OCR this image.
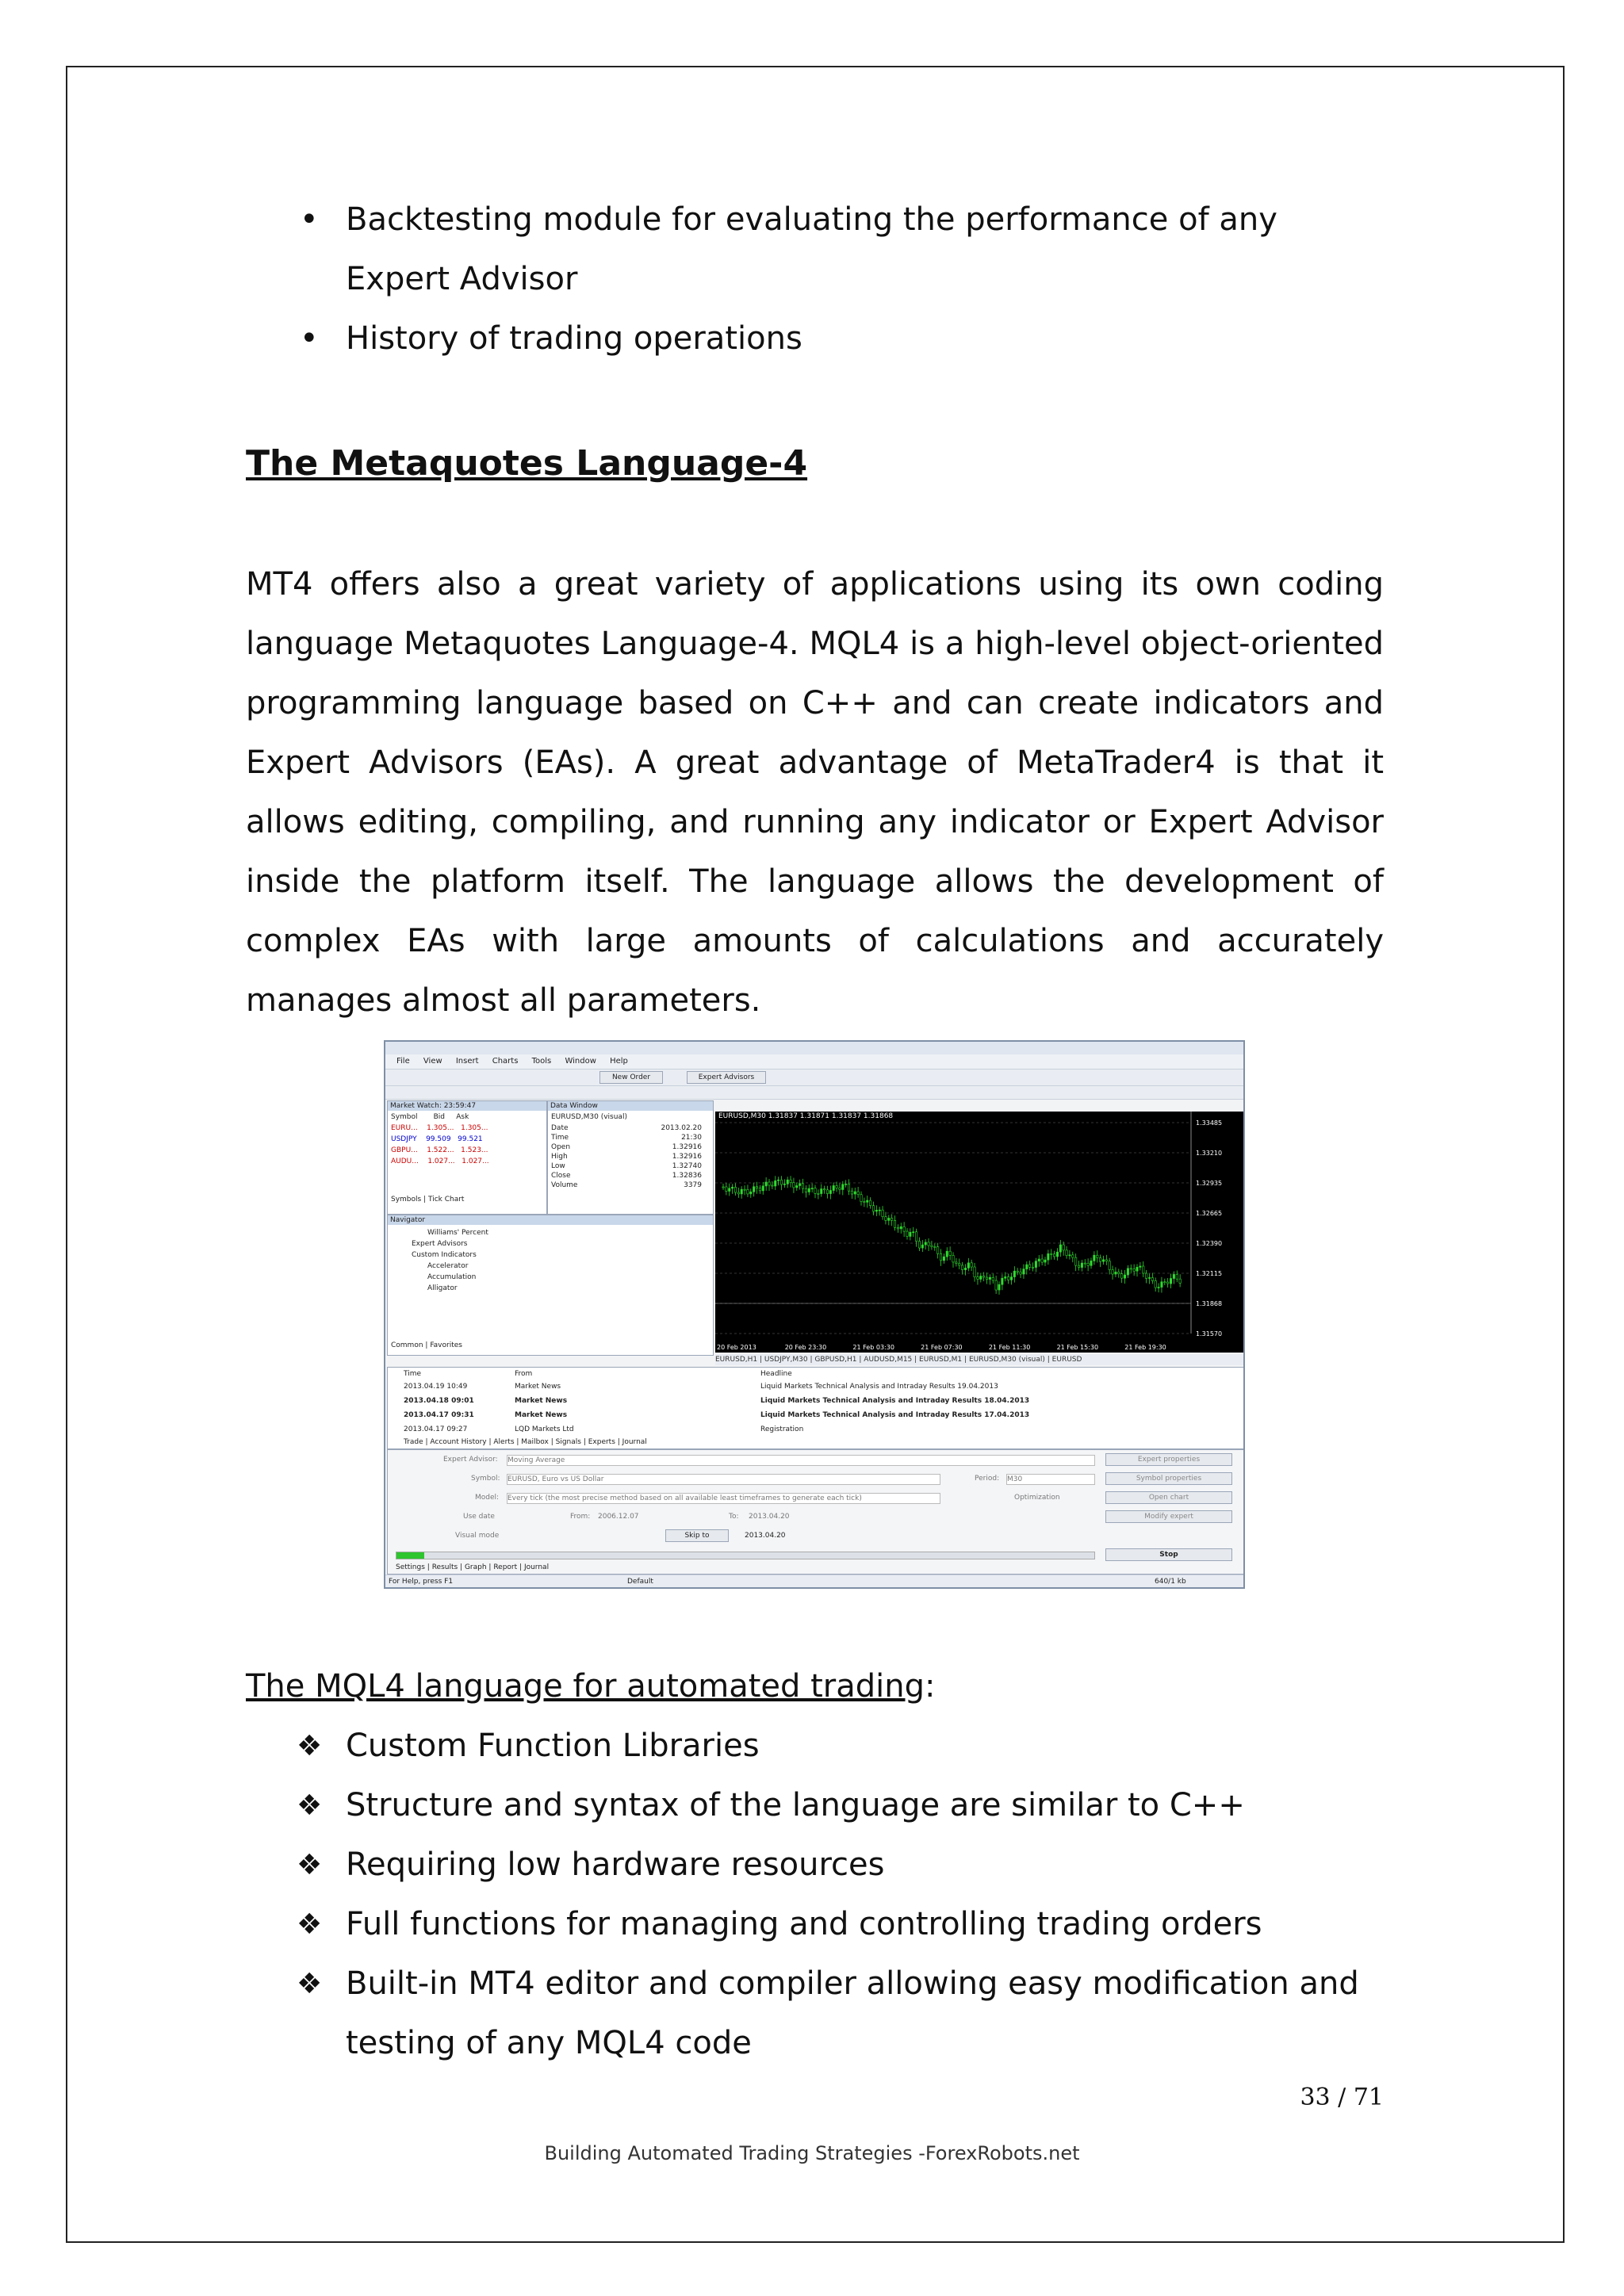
• Backtesting module for evaluating the performance of any Expert Advisor
• History of trading operations
The Metaquotes Language-4

MT4 offers also a great variety of applications using its own coding language Metaquotes Language-4. MQL4 is a high-level object-oriented programming language based on C++ and can create indicators and Expert Advisors (EAs). A great advantage of MetaTrader4 is that it allows editing, compiling, and running any indicator or Expert Advisor inside the platform itself. The language allows the development of complex EAs with large amounts of calculations and accurately manages almost all parameters.

File View Insert Charts Tools Window Help
New Order	Expert Advisors
Market Watch: 23:59:47
Symbol Bid Ask
EURU... 1.305... 1.305...
USDJPY 99.509 99.521
GBPU... 1.522... 1.523...
AUDU... 1.027... 1.027...
Symbols | Tick Chart
Data Window
EURUSD,M30 (visual)
Date	2013.02.20
Time	21:30
Open	1.32916
High	1.32916
Low	1.32740
Close	1.32836
Volume	3379
Navigator
Williams' Percent
Expert Advisors
Custom Indicators
Accelerator
Accumulation
Alligator
Common | Favorites
1.33485
1.33210
1.32935
1.32665
1.32390
1.32115
1.31868
1.31570
20 Feb 2013	20 Feb 23:30	21 Feb 03:30	21 Feb 07:30	21 Feb 11:30	21 Feb 15:30	21 Feb 19:30
EURUSD,M30 1.31837 1.31871 1.31837 1.31868
EURUSD,H1 | USDJPY,M30 | GBPUSD,H1 | AUDUSD,M15 | EURUSD,M1 | EURUSD,M30 (visual) | EURUSD
Time	From	Headline
2013.04.19 10:49	Market News	Liquid Markets Technical Analysis and Intraday Results 19.04.2013
2013.04.18 09:01	Market News	Liquid Markets Technical Analysis and Intraday Results 18.04.2013
2013.04.17 09:31	Market News	Liquid Markets Technical Analysis and Intraday Results 17.04.2013
2013.04.17 09:27	LQD Markets Ltd	Registration
Trade | Account History | Alerts | Mailbox | Signals | Experts | Journal
Expert Advisor: Moving Average
Symbol: EURUSD, Euro vs US Dollar	Period: M30
Model: Every tick (the most precise method based on all available least timeframes to generate each tick)	Optimization
Use date	From: 2006.12.07	To: 2013.04.20
Visual mode	Skip to	2013.04.20
Expert properties
Symbol properties
Open chart
Modify expert
Stop
Settings | Results | Graph | Report | Journal
For Help, press F1	Default	640/1 kb
The MQL4 language for automated trading:
❖ Custom Function Libraries
❖ Structure and syntax of the language are similar to C++
❖ Requiring low hardware resources
❖ Full functions for managing and controlling trading orders
❖ Built-in MT4 editor and compiler allowing easy modification and testing of any MQL4 code
33 / 71
Building Automated Trading Strategies -ForexRobots.net
